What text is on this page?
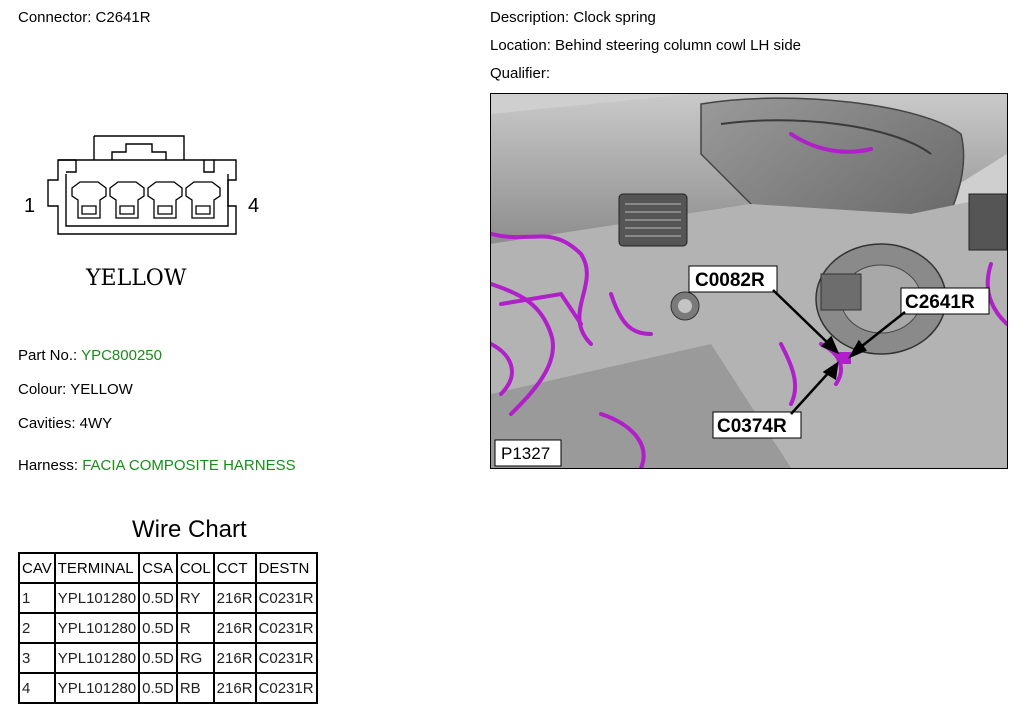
Connector: C2641R	Description: Clock spring
Location: Behind steering column cowl LH side
Qualifier:
1	4
YELLOW
Part No.: YPC800250
Colour: YELLOW
Cavities: 4WY
Harness: FACIA COMPOSITE HARNESS
C0082R
C2641R
C0374R
P1327
Wire Chart
CAV	TERMINAL	CSA	COL	CCT	DESTN
1	YPL101280	0.5D	RY	216R	C0231R
2	YPL101280	0.5D	R	216R	C0231R
3	YPL101280	0.5D	RG	216R	C0231R
4	YPL101280	0.5D	RB	216R	C0231R
